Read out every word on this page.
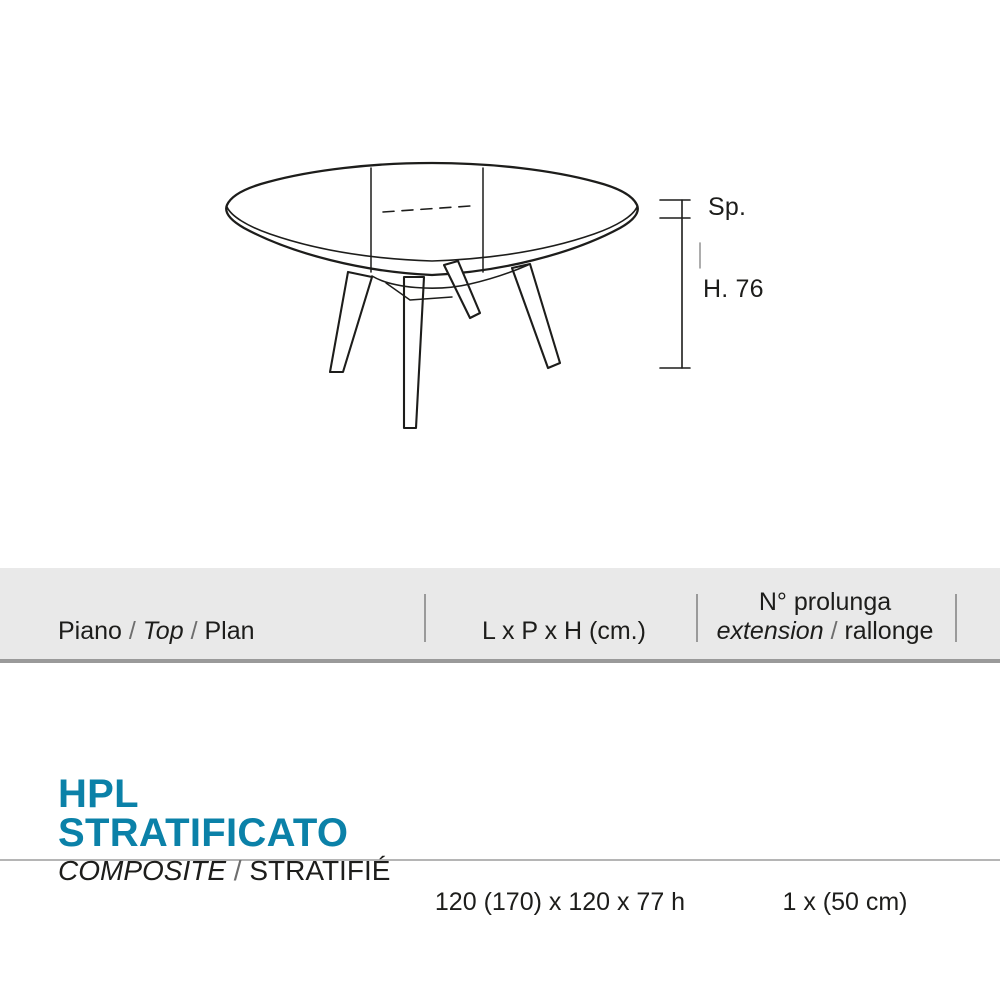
Sp.
H. 76
Piano / Top / Plan	L x P x H (cm.)
N° prolunga
extension / rallonge
HPL
STRATIFICATO
COMPOSITE / STRATIFIÉ
120 (170) x 120 x 77 h	1 x (50 cm)
